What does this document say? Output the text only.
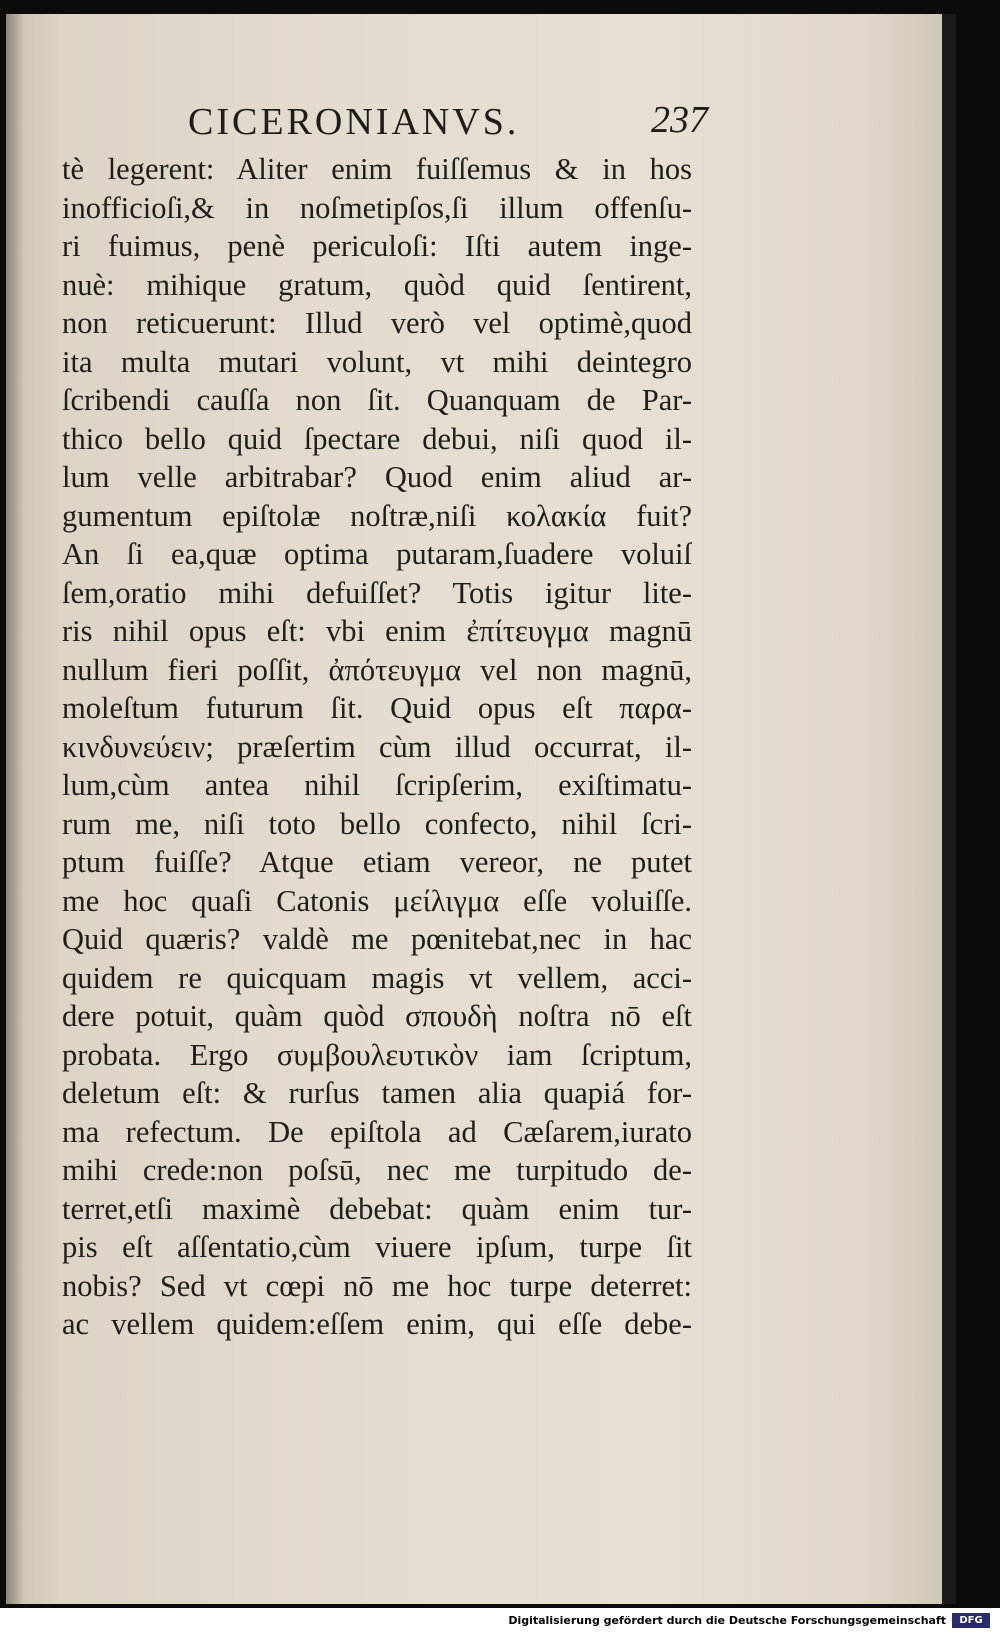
CICERONIANVS.	237
tè legerent: Aliter enim fuiſſemus & in hos
inofficioſi,& in noſmetipſos,ſi illum offenſu-
ri fuimus, penè periculoſi: Iſti autem inge-
nuè: mihique gratum, quòd quid ſentirent,
non reticuerunt: Illud verò vel optimè,quod
ita multa mutari volunt, vt mihi deintegro
ſcribendi cauſſa non ſit. Quanquam de Par-
thico bello quid ſpectare debui, niſi quod il-
lum velle arbitrabar? Quod enim aliud ar-
gumentum epiſtolæ noſtræ,niſi κολακία fuit?
An ſi ea,quæ optima putaram,ſuadere voluiſ
ſem,oratio mihi defuiſſet? Totis igitur lite-
ris nihil opus eſt: vbi enim ἐπίτευγμα magnū
nullum fieri poſſit, ἀπότευγμα vel non magnū,
moleſtum futurum ſit. Quid opus eſt παρα-
κινδυνεύειν; præſertim cùm illud occurrat, il-
lum,cùm antea nihil ſcripſerim, exiſtimatu-
rum me, niſi toto bello confecto, nihil ſcri-
ptum fuiſſe? Atque etiam vereor, ne putet
me hoc quaſi Catonis μείλιγμα eſſe voluiſſe.
Quid quæris? valdè me pœnitebat,nec in hac
quidem re quicquam magis vt vellem, acci-
dere potuit, quàm quòd σπουδὴ noſtra nō eſt
probata. Ergo συμβουλευτικὸν iam ſcriptum,
deletum eſt: & rurſus tamen alia quapiá for-
ma refectum. De epiſtola ad Cæſarem,iurato
mihi crede:non poſsū, nec me turpitudo de-
terret,etſi maximè debebat: quàm enim tur-
pis eſt aſſentatio,cùm viuere ipſum, turpe ſit
nobis? Sed vt cœpi nō me hoc turpe deterret:
ac vellem quidem:eſſem enim, qui eſſe debe-
Digitalisierung gefördert durch die Deutsche Forschungsgemeinschaft	DFG
